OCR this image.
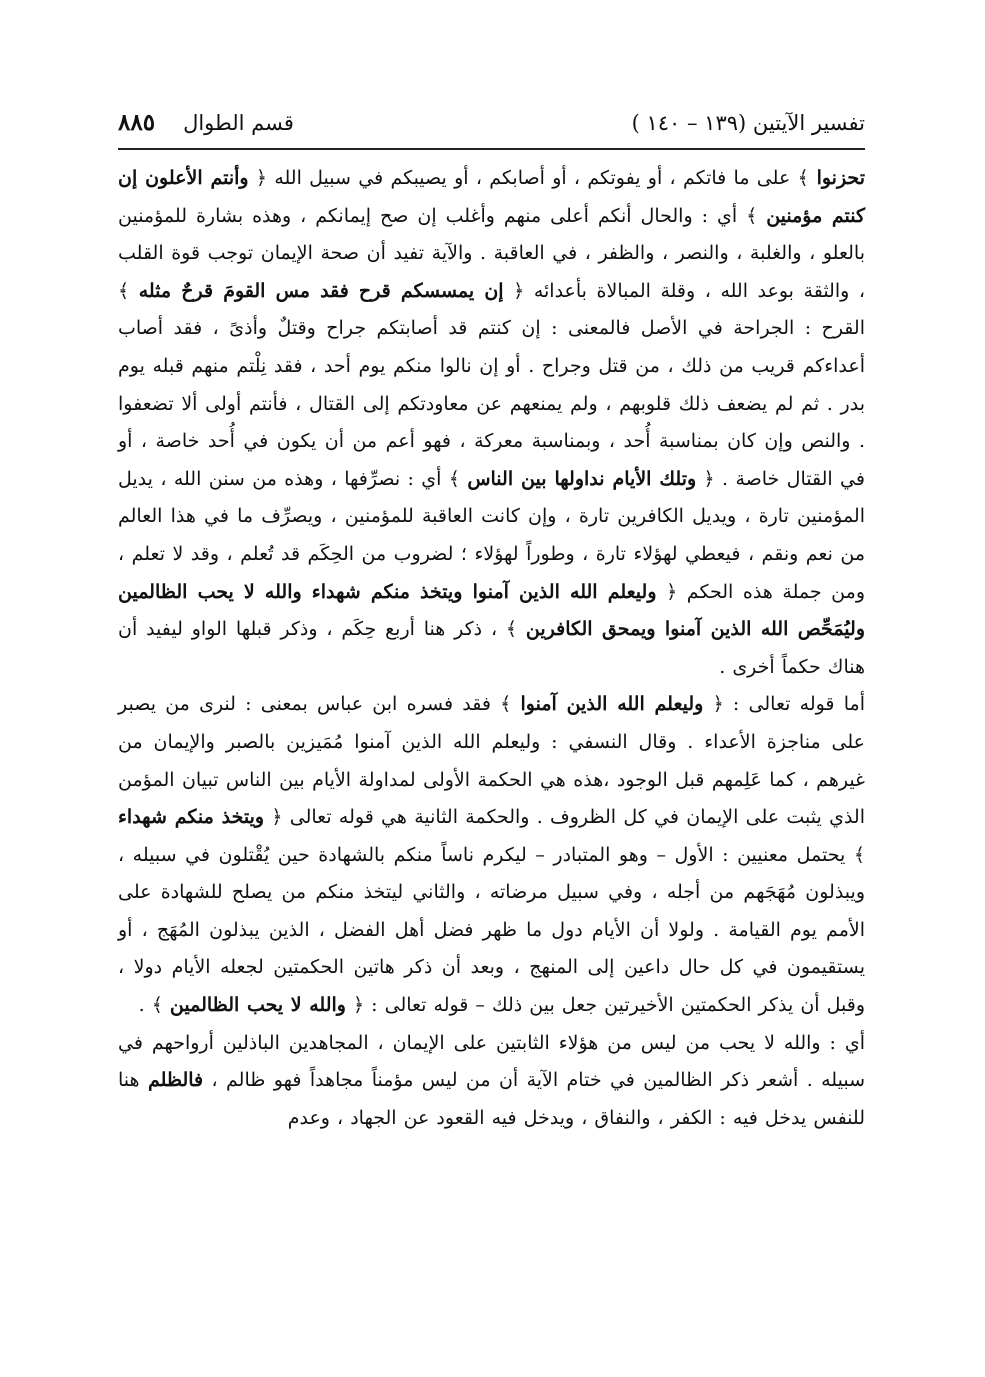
تفسير الآيتين (١٣٩ – ١٤٠ )
قسم الطوال
٨٨٥

تحزنوا ﴾ على ما فاتكم ، أو يفوتكم ، أو أصابكم ، أو يصيبكم في سبيل الله ﴿ وأنتم الأعلون إن كنتم مؤمنين ﴾ أي : والحال أنكم أعلى منهم وأغلب إن صح إيمانكم ، وهذه بشارة للمؤمنين بالعلو ، والغلبة ، والنصر ، والظفر ، في العاقبة . والآية تفيد أن صحة الإيمان توجب قوة القلب ، والثقة بوعد الله ، وقلة المبالاة بأعدائه ﴿ إن يمسسكم قرح فقد مس القومَ قرحٌ مثله ﴾ القرح : الجراحة في الأصل فالمعنى : إن كنتم قد أصابتكم جراح وقتلٌ وأذىً ، فقد أصاب أعداءكم قريب من ذلك ، من قتل وجراح . أو إن نالوا منكم يوم أحد ، فقد نِلْتم منهم قبله يوم بدر . ثم لم يضعف ذلك قلوبهم ، ولم يمنعهم عن معاودتكم إلى القتال ، فأنتم أولى ألا تضعفوا . والنص وإن كان بمناسبة أُحد ، وبمناسبة معركة ، فهو أعم من أن يكون في أُحد خاصة ، أو في القتال خاصة . ﴿ وتلك الأيام نداولها بين الناس ﴾ أي : نصرِّفها ، وهذه من سنن الله ، يديل المؤمنين تارة ، ويديل الكافرين تارة ، وإن كانت العاقبة للمؤمنين ، ويصرِّف ما في هذا العالم من نعم ونقم ، فيعطي لهؤلاء تارة ، وطوراً لهؤلاء ؛ لضروب من الحِكَم قد تُعلم ، وقد لا تعلم ، ومن جملة هذه الحكم ﴿ وليعلم الله الذين آمنوا ويتخذ منكم شهداء والله لا يحب الظالمين وليُمَحِّص الله الذين آمنوا ويمحق الكافرين ﴾ ، ذكر هنا أربع حِكَم ، وذكر قبلها الواو ليفيد أن هناك حكماً أخرى .

أما قوله تعالى : ﴿ وليعلم الله الذين آمنوا ﴾ فقد فسره ابن عباس بمعنى : لنرى من يصبر على مناجزة الأعداء . وقال النسفي : وليعلم الله الذين آمنوا مُمَيزين بالصبر والإيمان من غيرهم ، كما عَلِمهم قبل الوجود ،هذه هي الحكمة الأولى لمداولة الأيام بين الناس تبيان المؤمن الذي يثبت على الإيمان في كل الظروف . والحكمة الثانية هي قوله تعالى ﴿ ويتخذ منكم شهداء ﴾ يحتمل معنيين : الأول – وهو المتبادر – ليكرم ناساً منكم بالشهادة حين يُقْتلون في سبيله ، ويبذلون مُهَجَهم من أجله ، وفي سبيل مرضاته ، والثاني ليتخذ منكم من يصلح للشهادة على الأمم يوم القيامة . ولولا أن الأيام دول ما ظهر فضل أهل الفضل ، الذين يبذلون المُهَج ، أو يستقيمون في كل حال داعين إلى المنهج ، وبعد أن ذكر هاتين الحكمتين لجعله الأيام دولا ، وقبل أن يذكر الحكمتين الأخيرتين جعل بين ذلك – قوله تعالى : ﴿ والله لا يحب الظالمين ﴾ .

أي : والله لا يحب من ليس من هؤلاء الثابتين على الإيمان ، المجاهدين الباذلين أرواحهم في سبيله . أشعر ذكر الظالمين في ختام الآية أن من ليس مؤمناً مجاهداً فهو ظالم ، فالظلم هنا للنفس يدخل فيه : الكفر ، والنفاق ، ويدخل فيه القعود عن الجهاد ، وعدم
